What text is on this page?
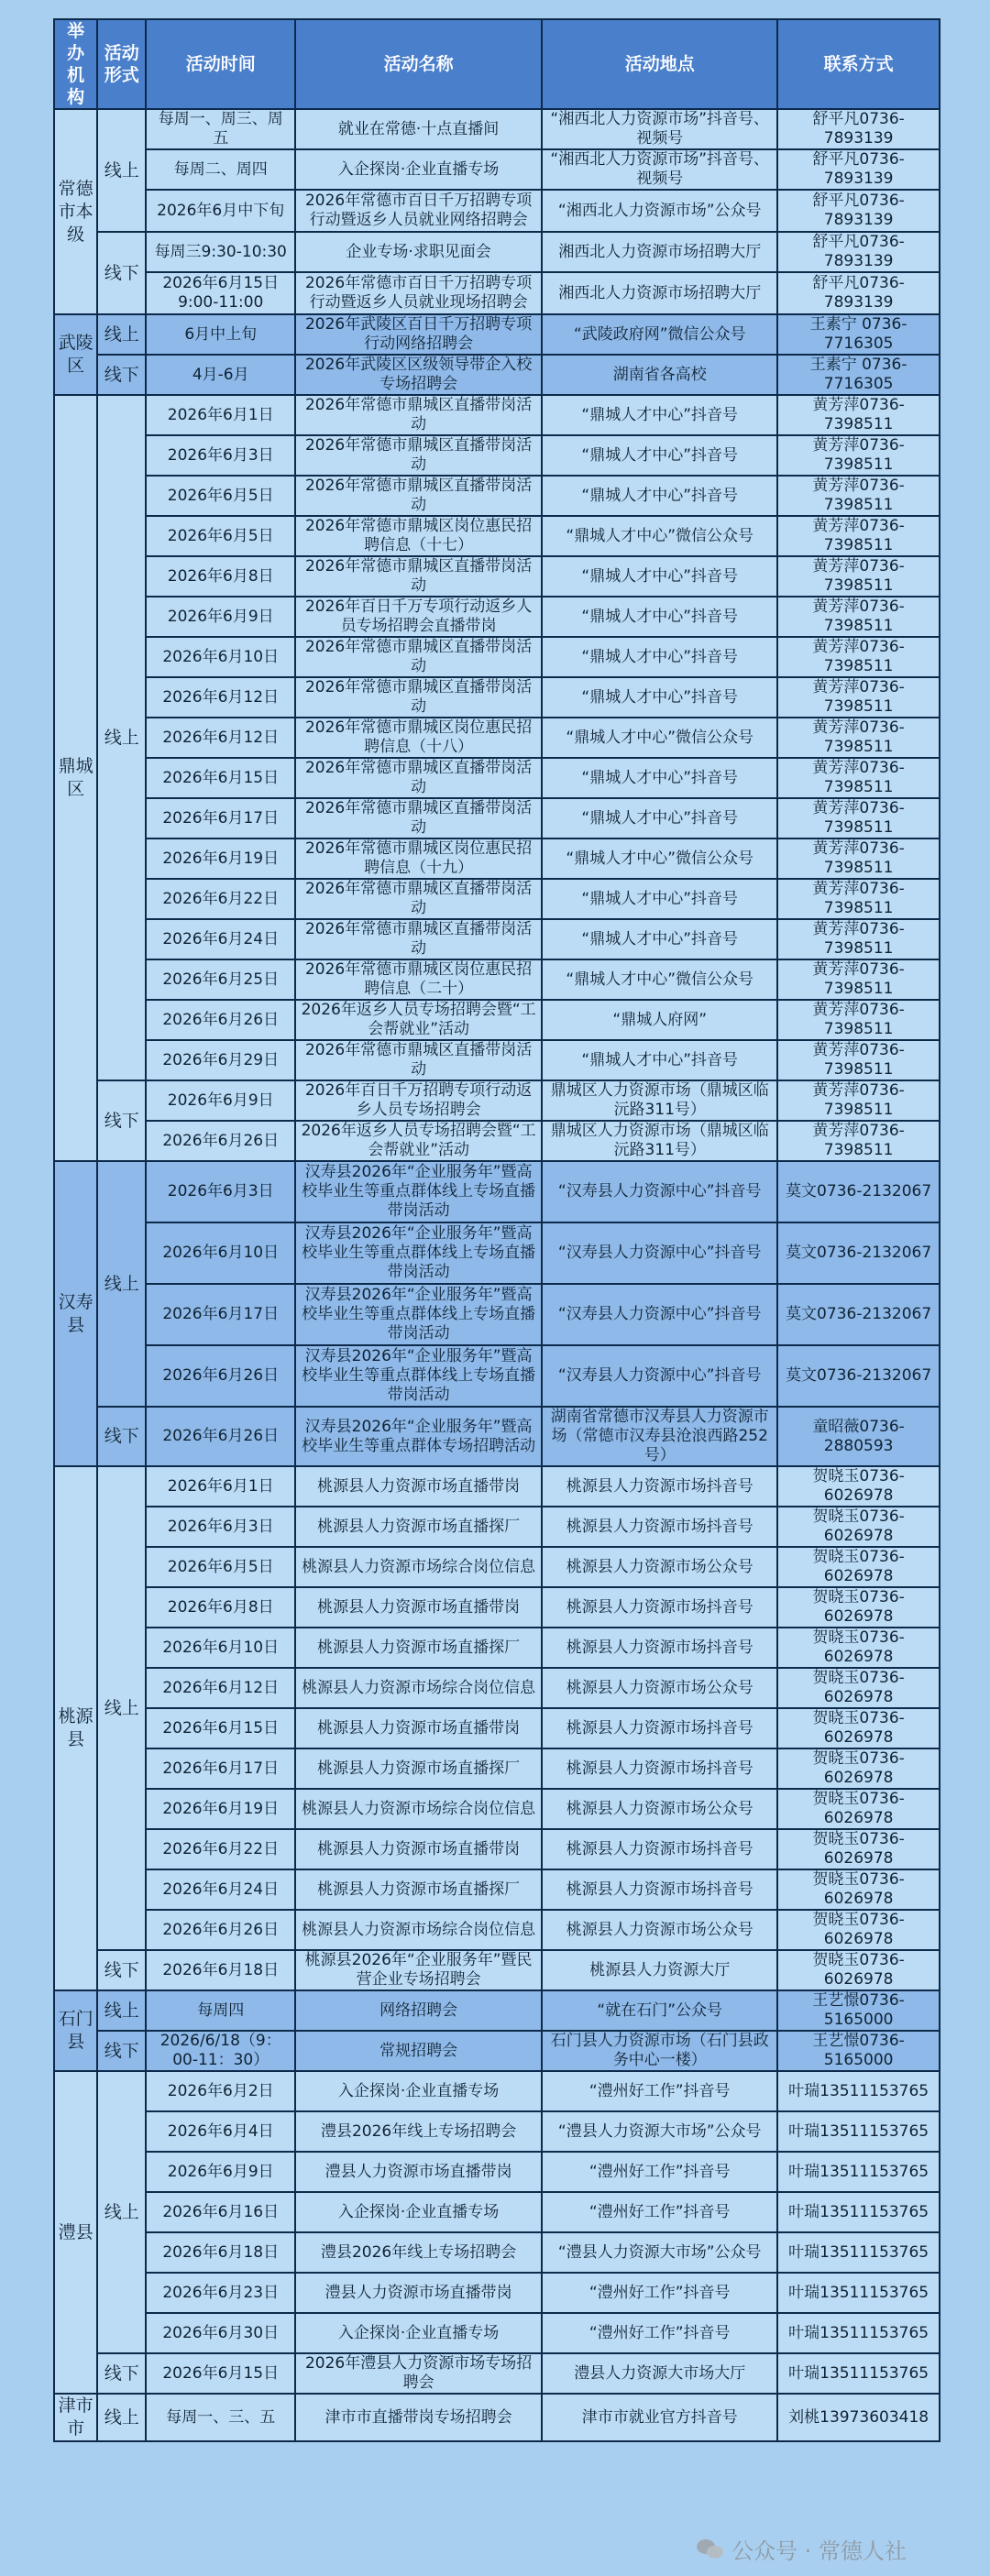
举办机构	活动形式	活动时间	活动名称	活动地点	联系方式
常德市本级	线上	每周一、周三、周五	就业在常德·十点直播间	“湘西北人力资源市场”抖音号、视频号	舒平凡0736-7893139
		每周二、周四	入企探岗·企业直播专场	“湘西北人力资源市场”抖音号、视频号	舒平凡0736-7893139
		2026年6月中下旬	2026年常德市百日千万招聘专项行动暨返乡人员就业网络招聘会	“湘西北人力资源市场”公众号	舒平凡0736-7893139
	线下	每周三9:30-10:30	企业专场·求职见面会	湘西北人力资源市场招聘大厅	舒平凡0736-7893139
		2026年6月15日 9:00-11:00	2026年常德市百日千万招聘专项行动暨返乡人员就业现场招聘会	湘西北人力资源市场招聘大厅	舒平凡0736-7893139
武陵区	线上	6月中上旬	2026年武陵区百日千万招聘专项行动网络招聘会	“武陵政府网”微信公众号	王素宁 0736-7716305
	线下	4月-6月	2026年武陵区区级领导带企入校专场招聘会	湖南省各高校	王素宁 0736-7716305
鼎城区	线上	2026年6月1日	2026年常德市鼎城区直播带岗活动	“鼎城人才中心”抖音号	黄芳萍0736-7398511
		2026年6月3日	2026年常德市鼎城区直播带岗活动	“鼎城人才中心”抖音号	黄芳萍0736-7398511
		2026年6月5日	2026年常德市鼎城区直播带岗活动	“鼎城人才中心”抖音号	黄芳萍0736-7398511
		2026年6月5日	2026年常德市鼎城区岗位惠民招聘信息（十七）	“鼎城人才中心”微信公众号	黄芳萍0736-7398511
		2026年6月8日	2026年常德市鼎城区直播带岗活动	“鼎城人才中心”抖音号	黄芳萍0736-7398511
		2026年6月9日	2026年百日千万专项行动返乡人员专场招聘会直播带岗	“鼎城人才中心”抖音号	黄芳萍0736-7398511
		2026年6月10日	2026年常德市鼎城区直播带岗活动	“鼎城人才中心”抖音号	黄芳萍0736-7398511
		2026年6月12日	2026年常德市鼎城区直播带岗活动	“鼎城人才中心”抖音号	黄芳萍0736-7398511
		2026年6月12日	2026年常德市鼎城区岗位惠民招聘信息（十八）	“鼎城人才中心”微信公众号	黄芳萍0736-7398511
		2026年6月15日	2026年常德市鼎城区直播带岗活动	“鼎城人才中心”抖音号	黄芳萍0736-7398511
		2026年6月17日	2026年常德市鼎城区直播带岗活动	“鼎城人才中心”抖音号	黄芳萍0736-7398511
		2026年6月19日	2026年常德市鼎城区岗位惠民招聘信息（十九）	“鼎城人才中心”微信公众号	黄芳萍0736-7398511
		2026年6月22日	2026年常德市鼎城区直播带岗活动	“鼎城人才中心”抖音号	黄芳萍0736-7398511
		2026年6月24日	2026年常德市鼎城区直播带岗活动	“鼎城人才中心”抖音号	黄芳萍0736-7398511
		2026年6月25日	2026年常德市鼎城区岗位惠民招聘信息（二十）	“鼎城人才中心”微信公众号	黄芳萍0736-7398511
		2026年6月26日	2026年返乡人员专场招聘会暨“工会帮就业”活动	“鼎城人府网”	黄芳萍0736-7398511
		2026年6月29日	2026年常德市鼎城区直播带岗活动	“鼎城人才中心”抖音号	黄芳萍0736-7398511
	线下	2026年6月9日	2026年百日千万招聘专项行动返乡人员专场招聘会	鼎城区人力资源市场（鼎城区临沅路311号）	黄芳萍0736-7398511
		2026年6月26日	2026年返乡人员专场招聘会暨“工会帮就业”活动	鼎城区人力资源市场（鼎城区临沅路311号）	黄芳萍0736-7398511
汉寿县	线上	2026年6月3日	汉寿县2026年“企业服务年”暨高校毕业生等重点群体线上专场直播带岗活动	“汉寿县人力资源中心”抖音号	莫文0736-2132067
		2026年6月10日	汉寿县2026年“企业服务年”暨高校毕业生等重点群体线上专场直播带岗活动	“汉寿县人力资源中心”抖音号	莫文0736-2132067
		2026年6月17日	汉寿县2026年“企业服务年”暨高校毕业生等重点群体线上专场直播带岗活动	“汉寿县人力资源中心”抖音号	莫文0736-2132067
		2026年6月26日	汉寿县2026年“企业服务年”暨高校毕业生等重点群体线上专场直播带岗活动	“汉寿县人力资源中心”抖音号	莫文0736-2132067
	线下	2026年6月26日	汉寿县2026年“企业服务年”暨高校毕业生等重点群体专场招聘活动	湖南省常德市汉寿县人力资源市场（常德市汉寿县沧浪西路252号）	童昭薇0736-2880593
桃源县	线上	2026年6月1日	桃源县人力资源市场直播带岗	桃源县人力资源市场抖音号	贺晓玉0736-6026978
		2026年6月3日	桃源县人力资源市场直播探厂	桃源县人力资源市场抖音号	贺晓玉0736-6026978
		2026年6月5日	桃源县人力资源市场综合岗位信息	桃源县人力资源市场公众号	贺晓玉0736-6026978
		2026年6月8日	桃源县人力资源市场直播带岗	桃源县人力资源市场抖音号	贺晓玉0736-6026978
		2026年6月10日	桃源县人力资源市场直播探厂	桃源县人力资源市场抖音号	贺晓玉0736-6026978
		2026年6月12日	桃源县人力资源市场综合岗位信息	桃源县人力资源市场公众号	贺晓玉0736-6026978
		2026年6月15日	桃源县人力资源市场直播带岗	桃源县人力资源市场抖音号	贺晓玉0736-6026978
		2026年6月17日	桃源县人力资源市场直播探厂	桃源县人力资源市场抖音号	贺晓玉0736-6026978
		2026年6月19日	桃源县人力资源市场综合岗位信息	桃源县人力资源市场公众号	贺晓玉0736-6026978
		2026年6月22日	桃源县人力资源市场直播带岗	桃源县人力资源市场抖音号	贺晓玉0736-6026978
		2026年6月24日	桃源县人力资源市场直播探厂	桃源县人力资源市场抖音号	贺晓玉0736-6026978
		2026年6月26日	桃源县人力资源市场综合岗位信息	桃源县人力资源市场公众号	贺晓玉0736-6026978
	线下	2026年6月18日	桃源县2026年“企业服务年”暨民营企业专场招聘会	桃源县人力资源大厅	贺晓玉0736-6026978
石门县	线上	每周四	网络招聘会	“就在石门”公众号	王艺憬0736-5165000
	线下	2026/6/18（9：00-11：30）	常规招聘会	石门县人力资源市场（石门县政务中心一楼）	王艺憬0736-5165000
澧县	线上	2026年6月2日	入企探岗·企业直播专场	“澧州好工作”抖音号	叶瑞13511153765
		2026年6月4日	澧县2026年线上专场招聘会	“澧县人力资源大市场”公众号	叶瑞13511153765
		2026年6月9日	澧县人力资源市场直播带岗	“澧州好工作”抖音号	叶瑞13511153765
		2026年6月16日	入企探岗·企业直播专场	“澧州好工作”抖音号	叶瑞13511153765
		2026年6月18日	澧县2026年线上专场招聘会	“澧县人力资源大市场”公众号	叶瑞13511153765
		2026年6月23日	澧县人力资源市场直播带岗	“澧州好工作”抖音号	叶瑞13511153765
		2026年6月30日	入企探岗·企业直播专场	“澧州好工作”抖音号	叶瑞13511153765
	线下	2026年6月15日	2026年澧县人力资源市场专场招聘会	澧县人力资源大市场大厅	叶瑞13511153765
津市市	线上	每周一、三、五	津市市直播带岗专场招聘会	津市市就业官方抖音号	刘桃13973603418
公众号 · 常德人社
